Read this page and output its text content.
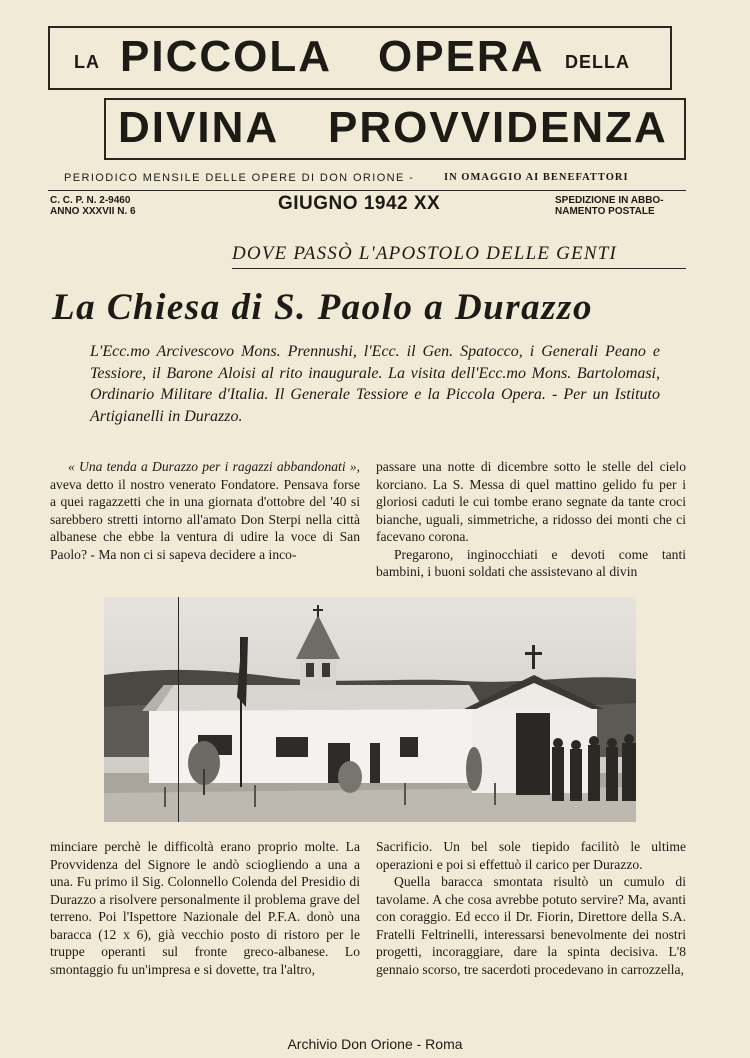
LA PICCOLA OPERA DELLA
DIVINA PROVVIDENZA
PERIODICO MENSILE DELLE OPERE DI DON ORIONE -	IN OMAGGIO AI BENEFATTORI
C. C. P. N. 2-9460
ANNO XXXVII N. 6	GIUGNO 1942 XX	SPEDIZIONE IN ABBO-
NAMENTO POSTALE
DOVE PASSÒ L'APOSTOLO DELLE GENTI
La Chiesa di S. Paolo a Durazzo
L'Ecc.mo Arcivescovo Mons. Prennushi, l'Ecc. il Gen. Spatocco, i Generali Peano e Tessiore, il Barone Aloisi al rito inaugurale. La visita dell'Ecc.mo Mons. Bartolomasi, Ordinario Militare d'Italia. Il Generale Tessiore e la Piccola Opera. - Per un Istituto Artigianelli in Durazzo.

« Una tenda a Durazzo per i ragazzi abbandonati », aveva detto il nostro venerato Fondatore. Pensava forse a quei ragazzetti che in una giornata d'ottobre del '40 si sarebbero stretti intorno all'amato Don Sterpi nella città albanese che ebbe la ventura di udire la voce di San Paolo? - Ma non ci si sapeva decidere a inco-

passare una notte di dicembre sotto le stelle del cielo korciano. La S. Messa di quel mattino gelido fu per i gloriosi caduti le cui tombe erano segnate da tante croci bianche, uguali, simmetriche, a ridosso dei monti che ci facevano corona.

Pregarono, inginocchiati e devoti come tanti bambini, i buoni soldati che assistevano al divin

minciare perchè le difficoltà erano proprio molte. La Provvidenza del Signore le andò sciogliendo a una a una. Fu primo il Sig. Colonnello Colenda del Presidio di Durazzo a risolvere personalmente il problema grave del terreno. Poi l'Ispettore Nazionale del P.F.A. donò una baracca (12 x 6), già vecchio posto di ristoro per le truppe operanti sul fronte greco-albanese. Lo smontaggio fu un'impresa e si dovette, tra l'altro,

Sacrificio. Un bel sole tiepido facilitò le ultime operazioni e poi si effettuò il carico per Durazzo.

Quella baracca smontata risultò un cumulo di tavolame. A che cosa avrebbe potuto servire? Ma, avanti con coraggio. Ed ecco il Dr. Fiorin, Direttore della S.A. Fratelli Feltrinelli, interessarsi benevolmente dei nostri progetti, incoraggiare, dare la spinta decisiva. L'8 gennaio scorso, tre sacerdoti procedevano in carrozzella,

Archivio Don Orione - Roma
